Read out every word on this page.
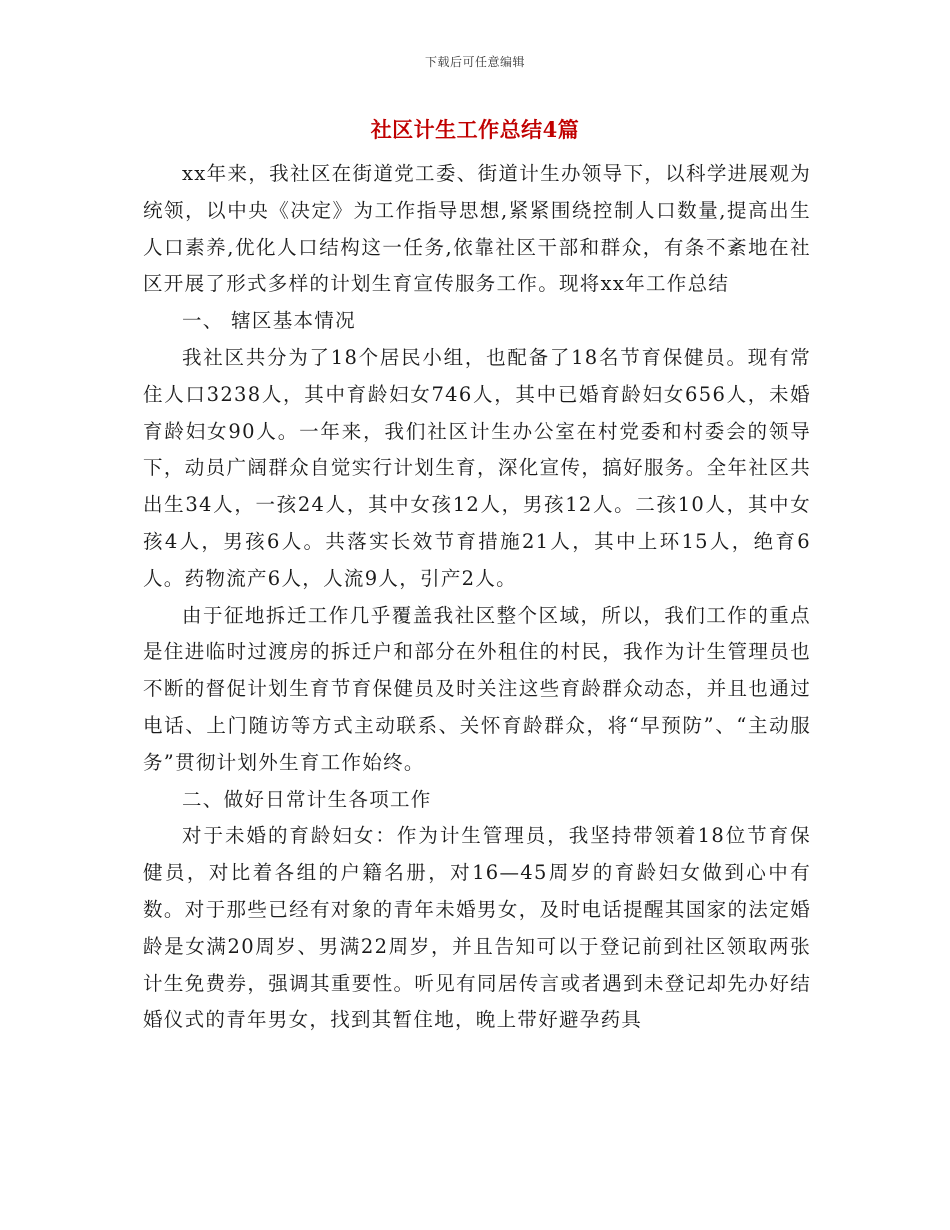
下载后可任意编辑
社区计生工作总结4篇

xx年来，我社区在街道党工委、街道计生办领导下，以科学进展观为统领，以中央《决定》为工作指导思想,紧紧围绕控制人口数量,提高出生人口素养,优化人口结构这一任务,依靠社区干部和群众，有条不紊地在社区开展了形式多样的计划生育宣传服务工作。现将xx年工作总结

一、 辖区基本情况

我社区共分为了18个居民小组，也配备了18名节育保健员。现有常住人口3238人，其中育龄妇女746人，其中已婚育龄妇女656人，未婚育龄妇女90人。一年来，我们社区计生办公室在村党委和村委会的领导下，动员广阔群众自觉实行计划生育，深化宣传，搞好服务。全年社区共出生34人，一孩24人，其中女孩12人，男孩12人。二孩10人，其中女孩4人，男孩6人。共落实长效节育措施21人，其中上环15人，绝育6人。药物流产6人，人流9人，引产2人。

由于征地拆迁工作几乎覆盖我社区整个区域，所以，我们工作的重点是住进临时过渡房的拆迁户和部分在外租住的村民，我作为计生管理员也不断的督促计划生育节育保健员及时关注这些育龄群众动态，并且也通过电话、上门随访等方式主动联系、关怀育龄群众，将“早预防”、“主动服务”贯彻计划外生育工作始终。

二、做好日常计生各项工作

对于未婚的育龄妇女：作为计生管理员，我坚持带领着18位节育保健员，对比着各组的户籍名册，对16—45周岁的育龄妇女做到心中有数。对于那些已经有对象的青年未婚男女，及时电话提醒其国家的法定婚龄是女满20周岁、男满22周岁，并且告知可以于登记前到社区领取两张计生免费券，强调其重要性。听见有同居传言或者遇到未登记却先办好结婚仪式的青年男女，找到其暂住地，晚上带好避孕药具
